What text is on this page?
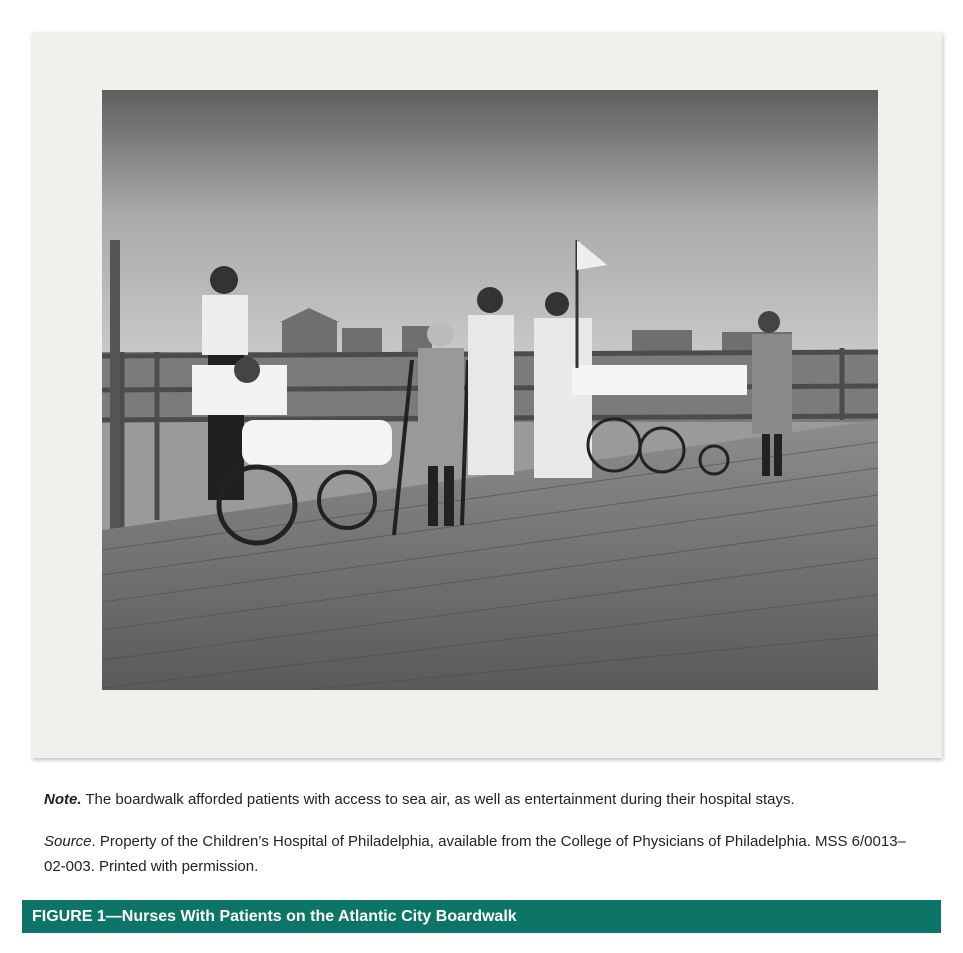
Note. The boardwalk afforded patients with access to sea air, as well as entertainment during their hospital stays.
Source. Property of the Children’s Hospital of Philadelphia, available from the College of Physicians of Philadelphia. MSS 6/0013–02-003. Printed with permission.
FIGURE 1—Nurses With Patients on the Atlantic City Boardwalk
